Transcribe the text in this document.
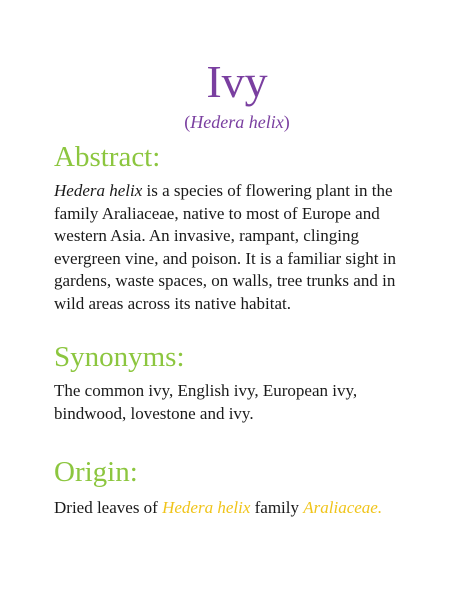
Ivy
(Hedera helix)
Abstract:

Hedera helix is a species of flowering plant in the
family Araliaceae, native to most of Europe and
western Asia. An invasive, rampant, clinging
evergreen vine, and poison. It is a familiar sight in
gardens, waste spaces, on walls, tree trunks and in
wild areas across its native habitat.

Synonyms:

The common ivy, English ivy, European ivy,
bindwood, lovestone and ivy.

Origin:

Dried leaves of Hedera helix family Araliaceae.
